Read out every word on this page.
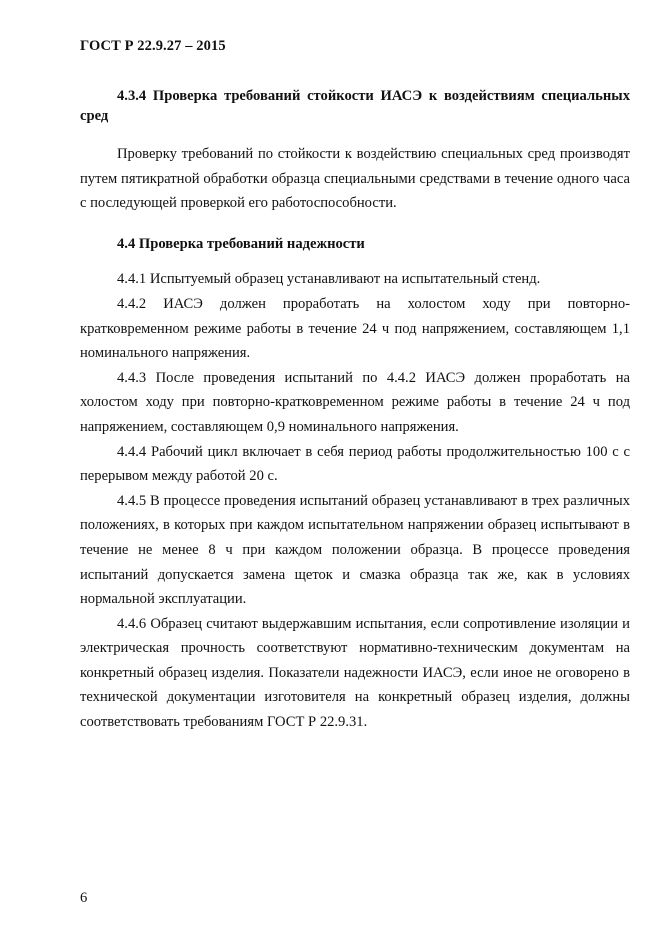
ГОСТ Р 22.9.27 – 2015

4.3.4 Проверка требований стойкости ИАСЭ к воздействиям специальных сред

Проверку требований по стойкости к воздействию специальных сред производят путем пятикратной обработки образца специальными средствами в течение одного часа с последующей проверкой его работоспособности.

4.4 Проверка требований надежности

4.4.1 Испытуемый образец устанавливают на испытательный стенд.

4.4.2 ИАСЭ должен проработать на холостом ходу при повторно-кратковременном режиме работы в течение 24 ч под напряжением, составляющем 1,1 номинального напряжения.

4.4.3 После проведения испытаний по 4.4.2 ИАСЭ должен проработать на холостом ходу при повторно-кратковременном режиме работы в течение 24 ч под напряжением, составляющем 0,9 номинального напряжения.

4.4.4 Рабочий цикл включает в себя период работы продолжительностью 100 с с перерывом между работой 20 с.

4.4.5 В процессе проведения испытаний образец устанавливают в трех различных положениях, в которых при каждом испытательном напряжении образец испытывают в течение не менее 8 ч при каждом положении образца. В процессе проведения испытаний допускается замена щеток и смазка образца так же, как в условиях нормальной эксплуатации.

4.4.6 Образец считают выдержавшим испытания, если сопротивление изоляции и электрическая прочность соответствуют нормативно-техническим документам на конкретный образец изделия. Показатели надежности ИАСЭ, если иное не оговорено в технической документации изготовителя на конкретный образец изделия, должны соответствовать требованиям ГОСТ Р 22.9.31.

6
